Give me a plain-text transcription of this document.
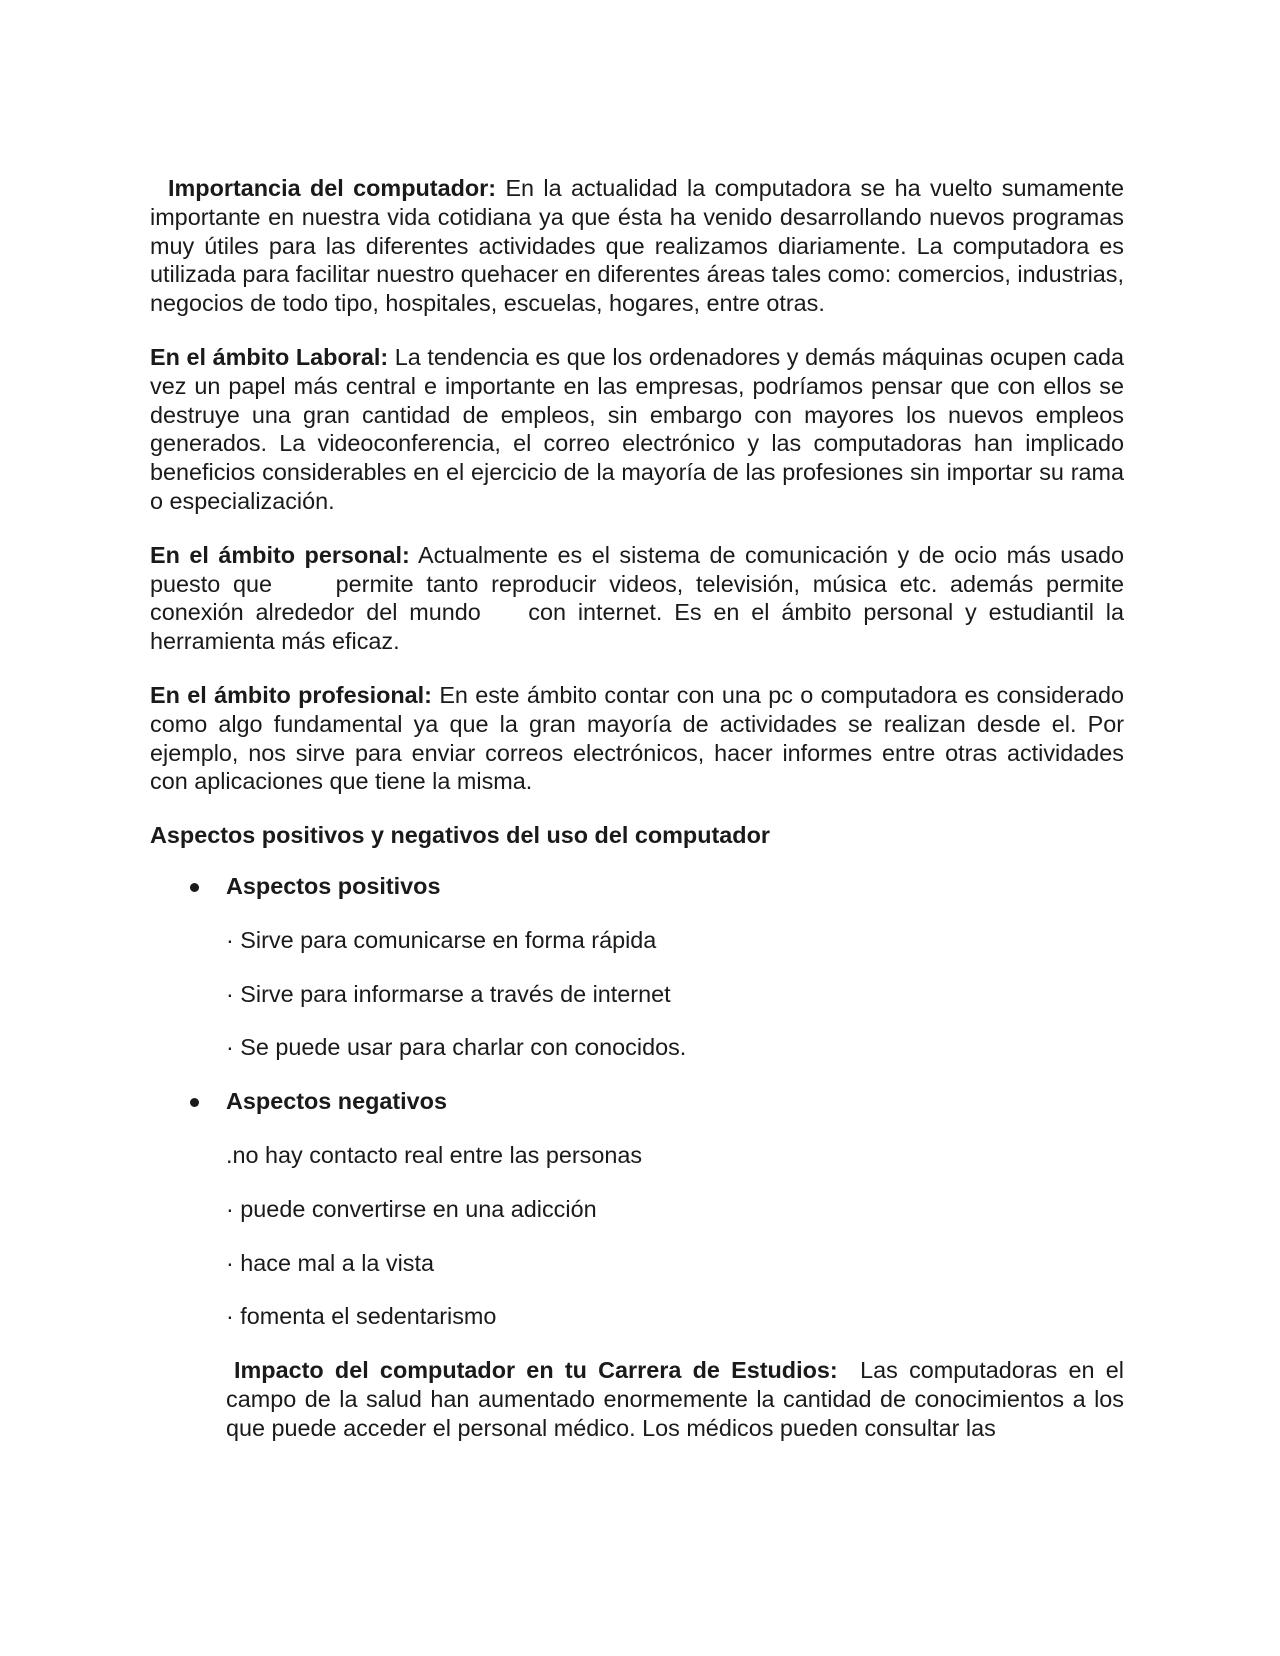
Importancia del computador: En la actualidad la computadora se ha vuelto sumamente importante en nuestra vida cotidiana ya que ésta ha venido desarrollando nuevos programas muy útiles para las diferentes actividades que realizamos diariamente. La computadora es utilizada para facilitar nuestro quehacer en diferentes áreas tales como: comercios, industrias, negocios de todo tipo, hospitales, escuelas, hogares, entre otras.

En el ámbito Laboral: La tendencia es que los ordenadores y demás máquinas ocupen cada vez un papel más central e importante en las empresas, podríamos pensar que con ellos se destruye una gran cantidad de empleos, sin embargo con mayores los nuevos empleos generados. La videoconferencia, el correo electrónico y las computadoras han implicado beneficios considerables en el ejercicio de la mayoría de las profesiones sin importar su rama o especialización.

En el ámbito personal: Actualmente es el sistema de comunicación y de ocio más usado puesto que     permite tanto reproducir videos, televisión, música etc. además permite conexión alrededor del mundo    con internet. Es en el ámbito personal y estudiantil la   herramienta más eficaz.

En el ámbito profesional: En este ámbito contar con una pc o computadora es considerado como algo fundamental ya que la gran mayoría de actividades se realizan desde el. Por ejemplo, nos sirve para enviar correos electrónicos, hacer informes entre otras actividades con aplicaciones que tiene la misma.

Aspectos positivos y negativos del uso del computador

Aspectos positivos

· Sirve para comunicarse en forma rápida

· Sirve para informarse a través de internet

· Se puede usar para charlar con conocidos.

Aspectos negativos

.no hay contacto real entre las personas

· puede convertirse en una adicción

· hace mal a la vista

· fomenta el sedentarismo

Impacto del computador en tu Carrera de Estudios:  Las computadoras en el campo de la salud han aumentado enormemente la cantidad de conocimientos a los que puede acceder el personal médico. Los médicos pueden consultar las
